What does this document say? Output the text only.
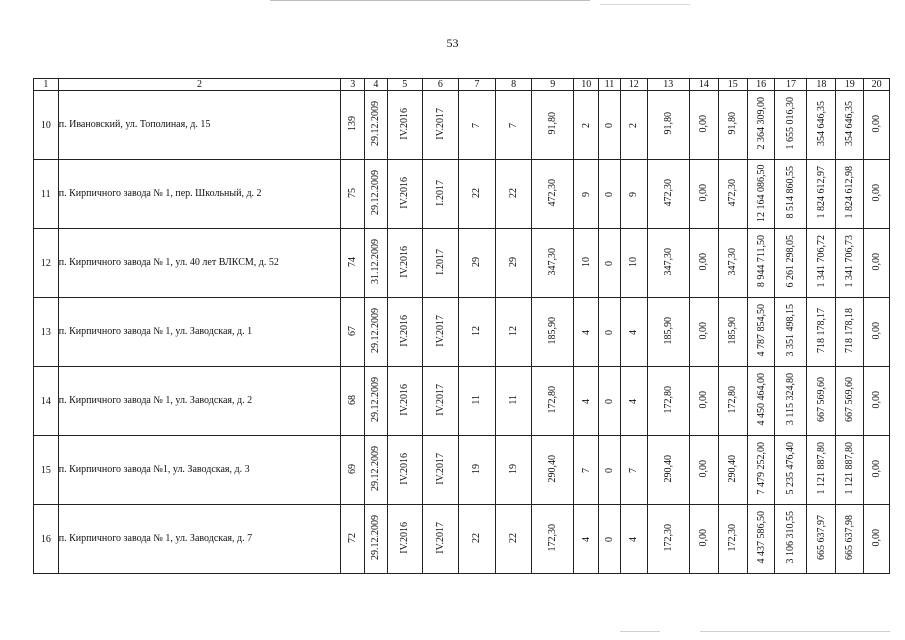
53
1	2	3	4	5	6	7	8	9	10	11	12	13	14	15	16	17	18	19	20
10	п. Ивановский, ул. Тополиная, д. 15	139	29.12.2009	IV.2016	IV.2017	7	7	91,80	2	0	2	91,80	0,00	91,80	2 364 309,00	1 655 016,30	354 646,35	354 646,35	0,00
11	п. Кирпичного завода № 1, пер. Школьный, д. 2	75	29.12.2009	IV.2016	I.2017	22	22	472,30	9	0	9	472,30	0,00	472,30	12 164 086,50	8 514 860,55	1 824 612,97	1 824 612,98	0,00
12	п. Кирпичного завода № 1, ул. 40 лет ВЛКСМ, д. 52	74	31.12.2009	IV.2016	I.2017	29	29	347,30	10	0	10	347,30	0,00	347,30	8 944 711,50	6 261 298,05	1 341 706,72	1 341 706,73	0,00
13	п. Кирпичного завода № 1, ул. Заводская, д. 1	67	29.12.2009	IV.2016	IV.2017	12	12	185,90	4	0	4	185,90	0,00	185,90	4 787 854,50	3 351 498,15	718 178,17	718 178,18	0,00
14	п. Кирпичного завода № 1, ул. Заводская, д. 2	68	29.12.2009	IV.2016	IV.2017	11	11	172,80	4	0	4	172,80	0,00	172,80	4 450 464,00	3 115 324,80	667 569,60	667 569,60	0,00
15	п. Кирпичного завода №1, ул. Заводская, д. 3	69	29.12.2009	IV.2016	IV.2017	19	19	290,40	7	0	7	290,40	0,00	290,40	7 479 252,00	5 235 476,40	1 121 887,80	1 121 887,80	0,00
16	п. Кирпичного завода № 1, ул. Заводская, д. 7	72	29.12.2009	IV.2016	IV.2017	22	22	172,30	4	0	4	172,30	0,00	172,30	4 437 586,50	3 106 310,55	665 637,97	665 637,98	0,00
